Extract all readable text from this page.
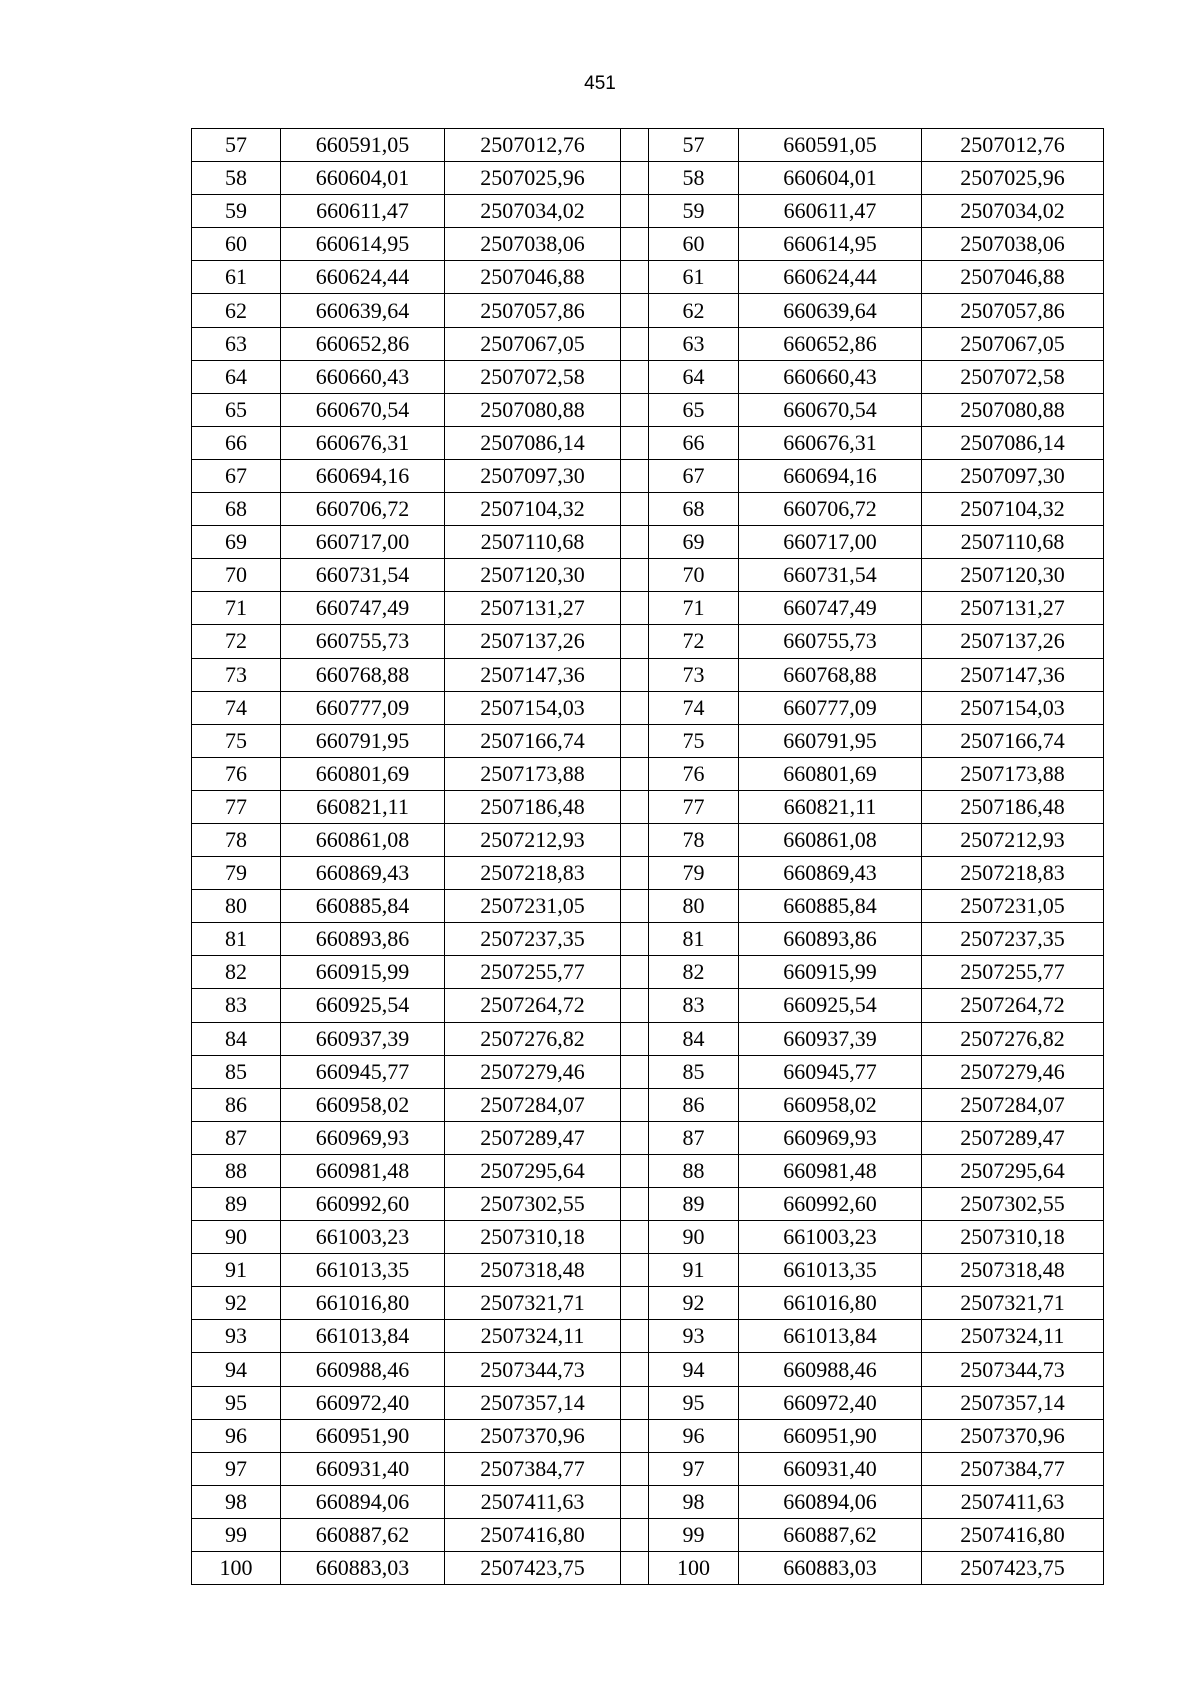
451
57	660591,05	2507012,76		57	660591,05	2507012,76
58	660604,01	2507025,96		58	660604,01	2507025,96
59	660611,47	2507034,02		59	660611,47	2507034,02
60	660614,95	2507038,06		60	660614,95	2507038,06
61	660624,44	2507046,88		61	660624,44	2507046,88
62	660639,64	2507057,86		62	660639,64	2507057,86
63	660652,86	2507067,05		63	660652,86	2507067,05
64	660660,43	2507072,58		64	660660,43	2507072,58
65	660670,54	2507080,88		65	660670,54	2507080,88
66	660676,31	2507086,14		66	660676,31	2507086,14
67	660694,16	2507097,30		67	660694,16	2507097,30
68	660706,72	2507104,32		68	660706,72	2507104,32
69	660717,00	2507110,68		69	660717,00	2507110,68
70	660731,54	2507120,30		70	660731,54	2507120,30
71	660747,49	2507131,27		71	660747,49	2507131,27
72	660755,73	2507137,26		72	660755,73	2507137,26
73	660768,88	2507147,36		73	660768,88	2507147,36
74	660777,09	2507154,03		74	660777,09	2507154,03
75	660791,95	2507166,74		75	660791,95	2507166,74
76	660801,69	2507173,88		76	660801,69	2507173,88
77	660821,11	2507186,48		77	660821,11	2507186,48
78	660861,08	2507212,93		78	660861,08	2507212,93
79	660869,43	2507218,83		79	660869,43	2507218,83
80	660885,84	2507231,05		80	660885,84	2507231,05
81	660893,86	2507237,35		81	660893,86	2507237,35
82	660915,99	2507255,77		82	660915,99	2507255,77
83	660925,54	2507264,72		83	660925,54	2507264,72
84	660937,39	2507276,82		84	660937,39	2507276,82
85	660945,77	2507279,46		85	660945,77	2507279,46
86	660958,02	2507284,07		86	660958,02	2507284,07
87	660969,93	2507289,47		87	660969,93	2507289,47
88	660981,48	2507295,64		88	660981,48	2507295,64
89	660992,60	2507302,55		89	660992,60	2507302,55
90	661003,23	2507310,18		90	661003,23	2507310,18
91	661013,35	2507318,48		91	661013,35	2507318,48
92	661016,80	2507321,71		92	661016,80	2507321,71
93	661013,84	2507324,11		93	661013,84	2507324,11
94	660988,46	2507344,73		94	660988,46	2507344,73
95	660972,40	2507357,14		95	660972,40	2507357,14
96	660951,90	2507370,96		96	660951,90	2507370,96
97	660931,40	2507384,77		97	660931,40	2507384,77
98	660894,06	2507411,63		98	660894,06	2507411,63
99	660887,62	2507416,80		99	660887,62	2507416,80
100	660883,03	2507423,75		100	660883,03	2507423,75
